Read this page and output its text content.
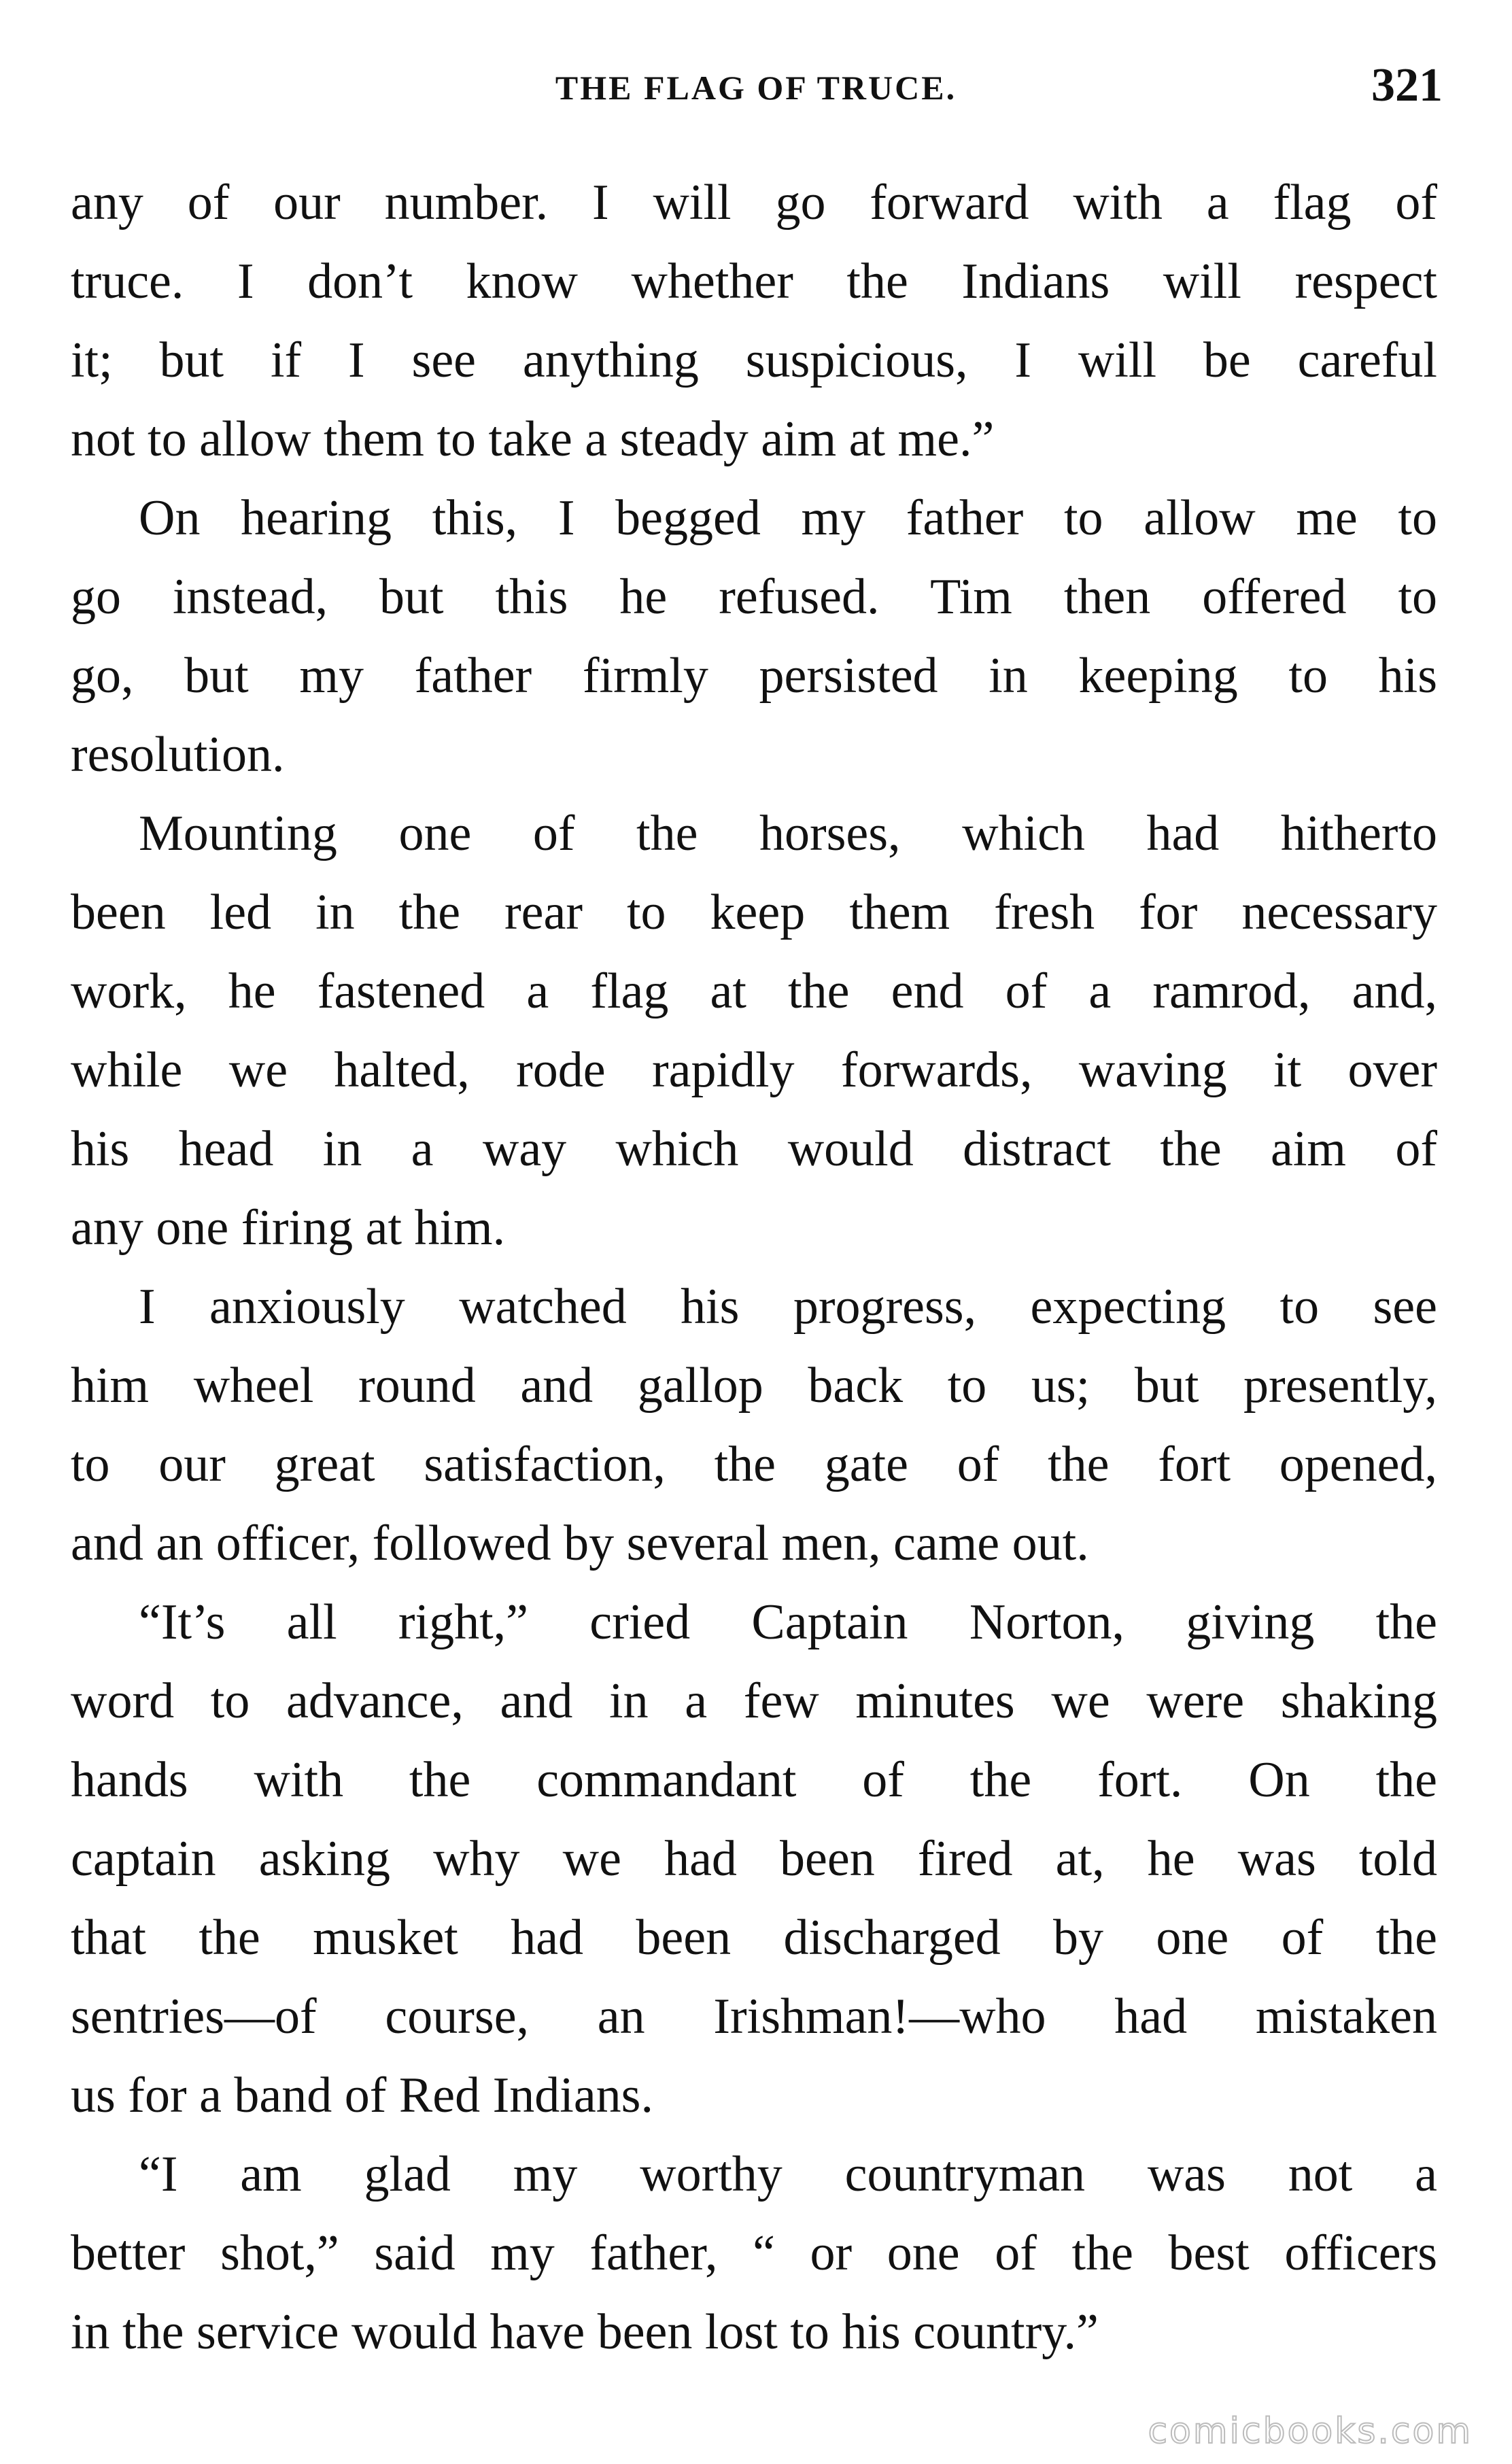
THE FLAG OF TRUCE.	321
any of our number. I will go forward with a flag of
truce. I don’t know whether the Indians will respect
it; but if I see anything suspicious, I will be careful
not to allow them to take a steady aim at me.”
On hearing this, I begged my father to allow me to
go instead, but this he refused. Tim then offered to
go, but my father firmly persisted in keeping to his
resolution.
Mounting one of the horses, which had hitherto
been led in the rear to keep them fresh for necessary
work, he fastened a flag at the end of a ramrod, and,
while we halted, rode rapidly forwards, waving it over
his head in a way which would distract the aim of
any one firing at him.
I anxiously watched his progress, expecting to see
him wheel round and gallop back to us; but presently,
to our great satisfaction, the gate of the fort opened,
and an officer, followed by several men, came out.
“It’s all right,” cried Captain Norton, giving the
word to advance, and in a few minutes we were shaking
hands with the commandant of the fort. On the
captain asking why we had been fired at, he was told
that the musket had been discharged by one of the
sentries—of course, an Irishman!—who had mistaken
us for a band of Red Indians.
“I am glad my worthy countryman was not a
better shot,” said my father, “ or one of the best officers
in the service would have been lost to his country.”
comicbooks.com
